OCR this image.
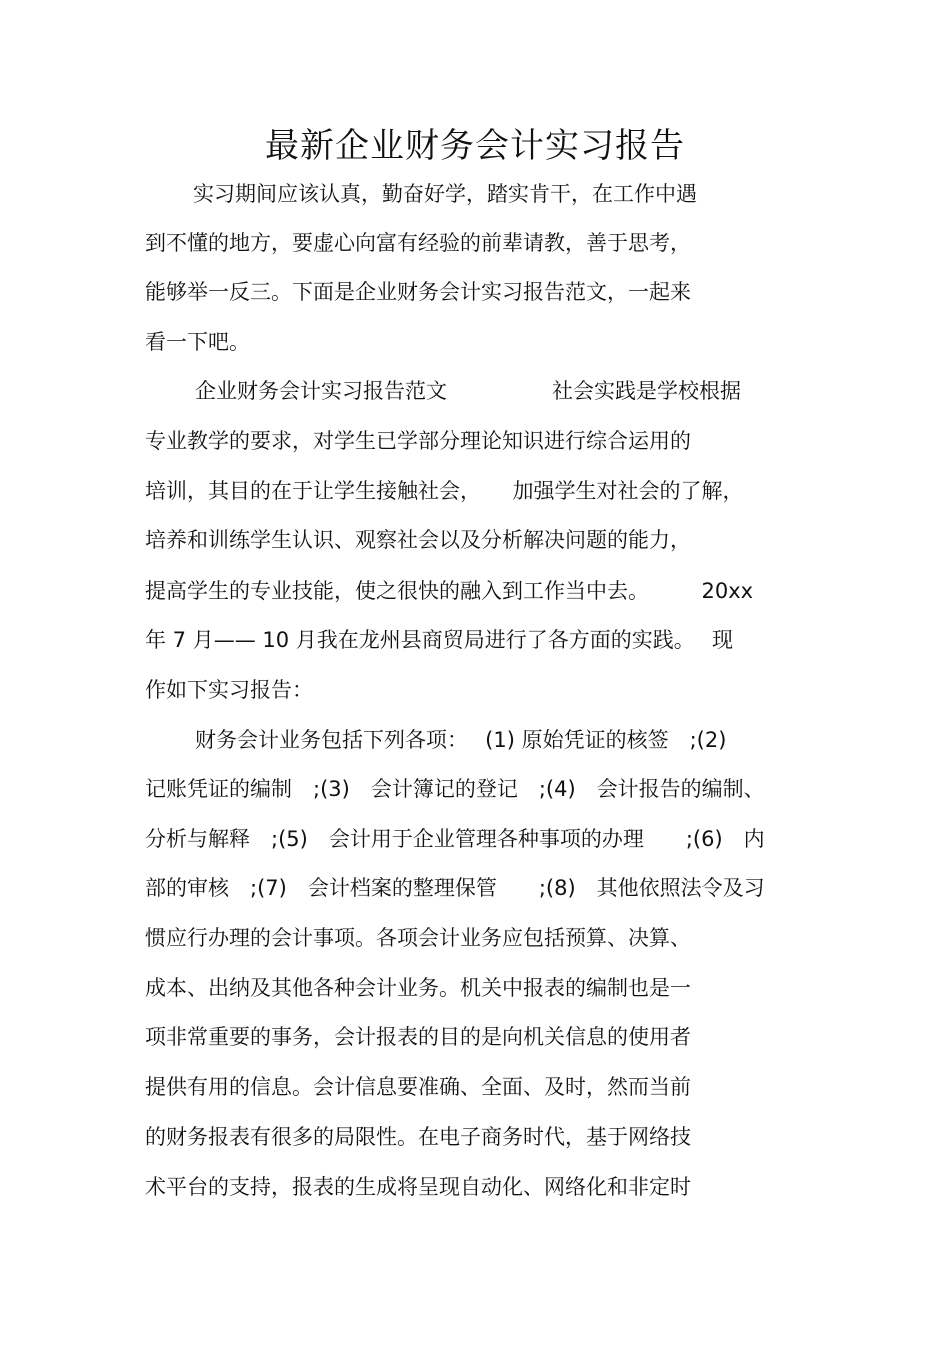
最新企业财务会计实习报告

实习期间应该认真，勤奋好学，踏实肯干，在工作中遇

到不懂的地方，要虚心向富有经验的前辈请教，善于思考，

能够举一反三。下面是企业财务会计实习报告范文，一起来

看一下吧。

企业财务会计实习报告范文　　　　　社会实践是学校根据

专业教学的要求，对学生已学部分理论知识进行综合运用的

培训，其目的在于让学生接触社会，　　加强学生对社会的了解，

培养和训练学生认识、观察社会以及分析解决问题的能力，

提高学生的专业技能，使之很快的融入到工作当中去。　　　20xx

年 7 月—— 10 月我在龙州县商贸局进行了各方面的实践。　 现

作如下实习报告：

财务会计业务包括下列各项：　 (1) 原始凭证的核签　;(2)

记账凭证的编制　;(3)　会计簿记的登记　;(4)　会计报告的编制、

分析与解释　;(5)　会计用于企业管理各种事项的办理　　;(6)　内

部的审核　;(7)　会计档案的整理保管　　;(8)　其他依照法令及习

惯应行办理的会计事项。各项会计业务应包括预算、决算、

成本、出纳及其他各种会计业务。机关中报表的编制也是一

项非常重要的事务，会计报表的目的是向机关信息的使用者

提供有用的信息。会计信息要准确、全面、及时，然而当前

的财务报表有很多的局限性。在电子商务时代，基于网络技

术平台的支持，报表的生成将呈现自动化、网络化和非定时
